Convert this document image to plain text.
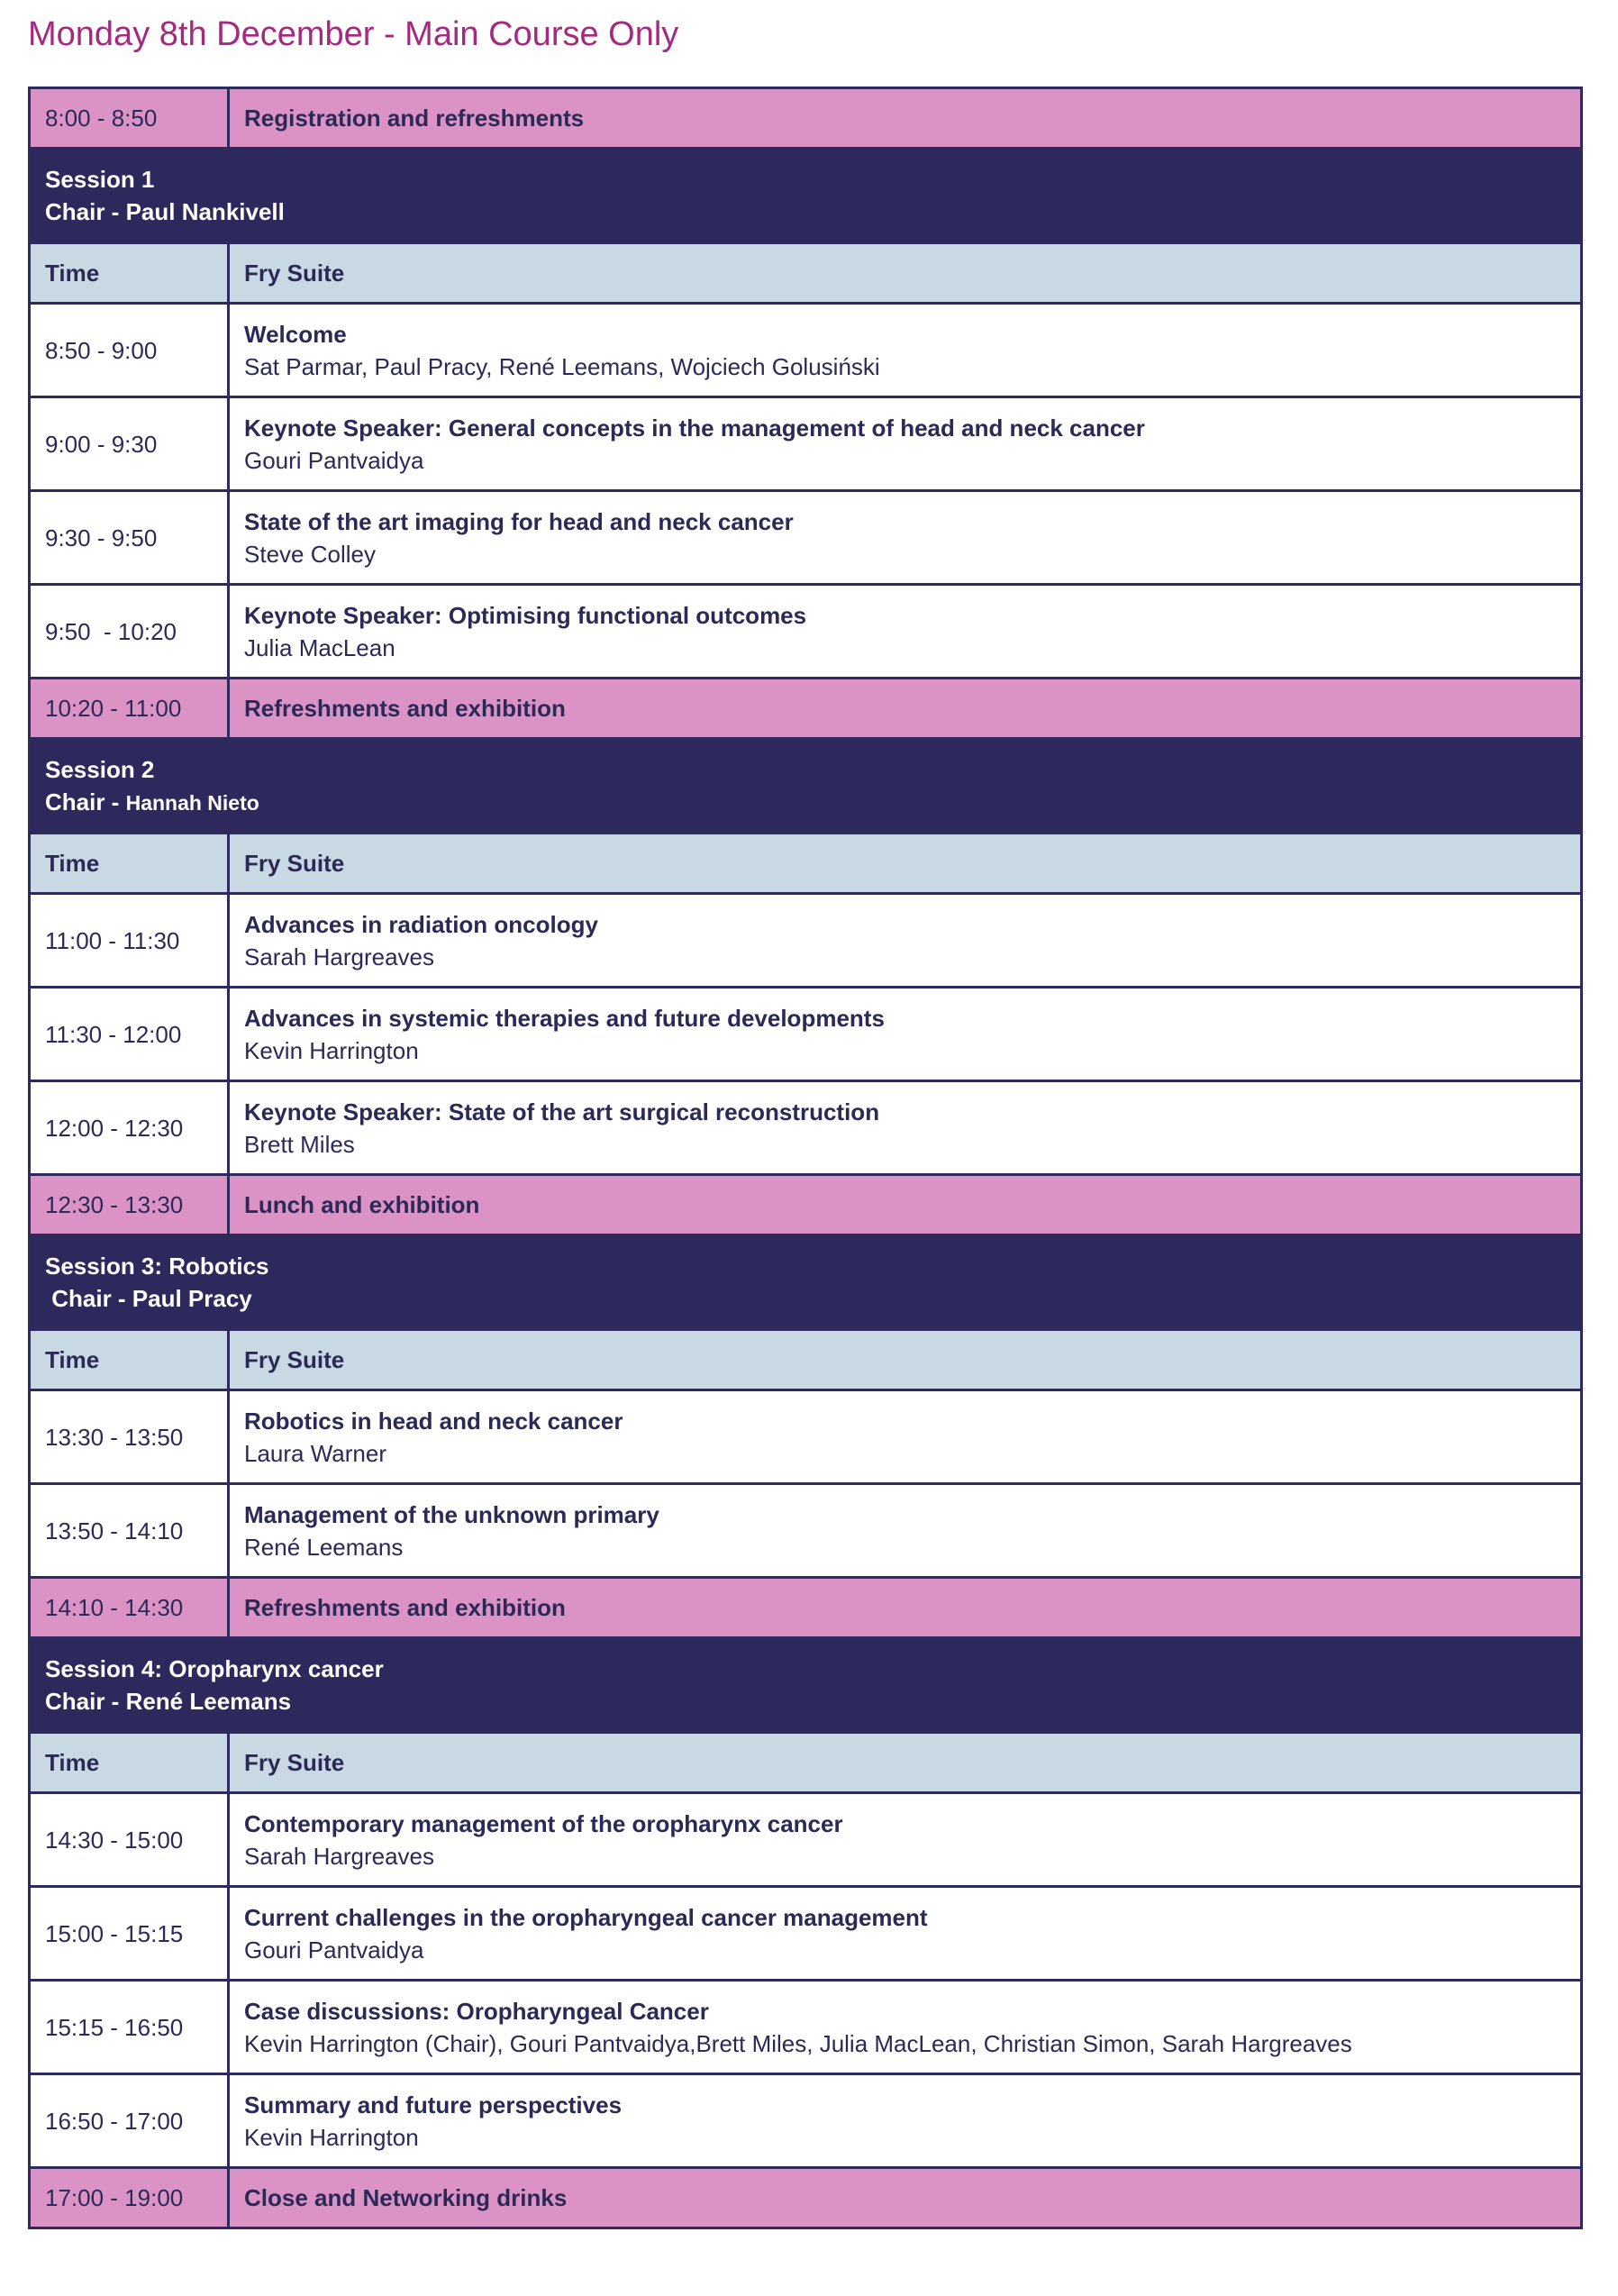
Monday 8th December - Main Course Only
8:00 - 8:50	Registration and refreshments

Session 1
Chair - Paul Nankivell	

Time	Fry Suite
8:50 - 9:00	Welcome
Sat Parmar, Paul Pracy, René Leemans, Wojciech Golusiński

9:00 - 9:30	Keynote Speaker: General concepts in the management of head and neck cancer
Gouri Pantvaidya

9:30 - 9:50	State of the art imaging for head and neck cancer
Steve Colley

9:50  - 10:20	Keynote Speaker: Optimising functional outcomes
Julia MacLean

10:20 - 11:00	Refreshments and exhibition

Session 2
Chair - Hannah Nieto	

Time	Fry Suite
11:00 - 11:30	Advances in radiation oncology
Sarah Hargreaves

11:30 - 12:00	Advances in systemic therapies and future developments
Kevin Harrington

12:00 - 12:30	Keynote Speaker: State of the art surgical reconstruction
Brett Miles

12:30 - 13:30	Lunch and exhibition

Session 3: Robotics
Chair - Paul Pracy	

Time	Fry Suite
13:30 - 13:50	Robotics in head and neck cancer
Laura Warner

13:50 - 14:10	Management of the unknown primary
René Leemans

14:10 - 14:30	Refreshments and exhibition

Session 4: Oropharynx cancer
Chair - René Leemans	

Time	Fry Suite
14:30 - 15:00	Contemporary management of the oropharynx cancer
Sarah Hargreaves

15:00 - 15:15	Current challenges in the oropharyngeal cancer management
Gouri Pantvaidya

15:15 - 16:50	Case discussions: Oropharyngeal Cancer
Kevin Harrington (Chair), Gouri Pantvaidya,Brett Miles, Julia MacLean, Christian Simon, Sarah Hargreaves

16:50 - 17:00	Summary and future perspectives
Kevin Harrington

17:00 - 19:00	Close and Networking drinks
